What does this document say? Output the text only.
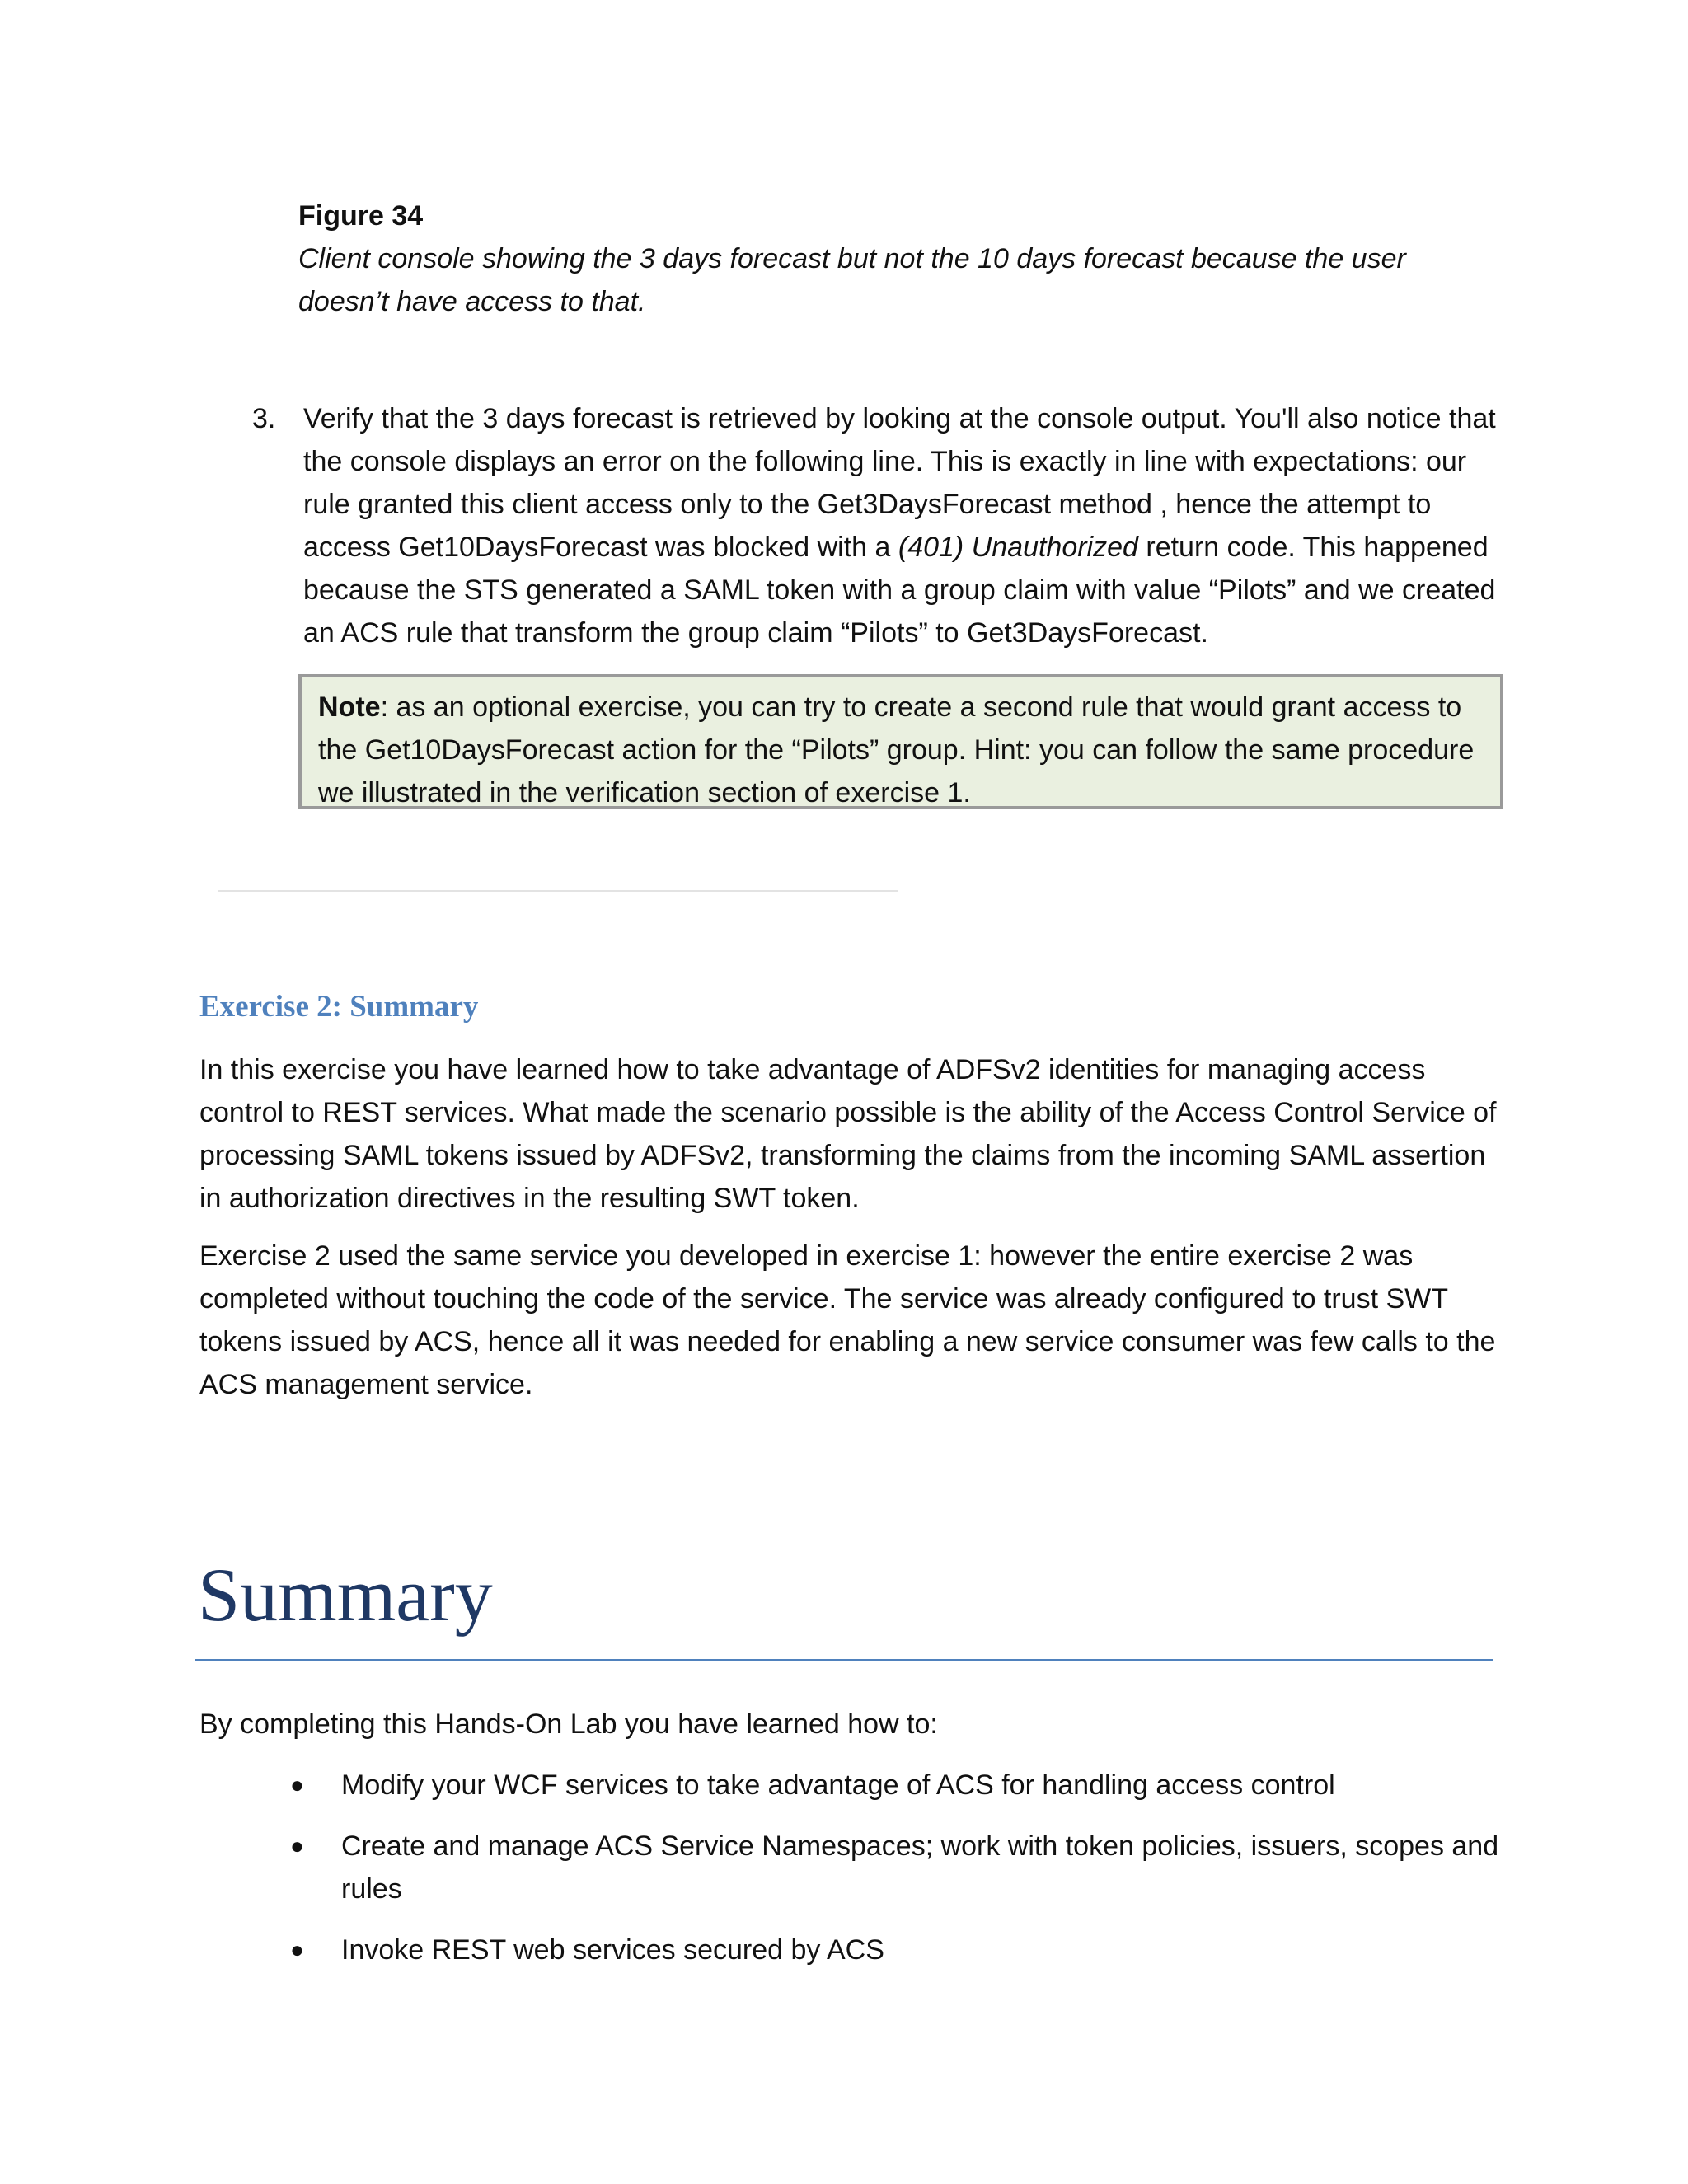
Figure 34
Client console showing the 3 days forecast but not the 10 days forecast because the user doesn’t have access to that.
3. Verify that the 3 days forecast is retrieved by looking at the console output. You'll also notice that the console displays an error on the following line. This is exactly in line with expectations: our rule granted this client access only to the Get3DaysForecast method , hence the attempt to access Get10DaysForecast was blocked with a (401) Unauthorized return code. This happened because the STS generated a SAML token with a group claim with value “Pilots” and we created an ACS rule that transform the group claim “Pilots” to Get3DaysForecast.
Note: as an optional exercise, you can try to create a second rule that would grant access to the Get10DaysForecast action for the “Pilots” group. Hint: you can follow the same procedure we illustrated in the verification section of exercise 1.
Exercise 2: Summary
In this exercise you have learned how to take advantage of ADFSv2 identities for managing access control to REST services. What made the scenario possible is the ability of the Access Control Service of processing SAML tokens issued by ADFSv2, transforming the claims from the incoming SAML assertion in authorization directives in the resulting SWT token.
Exercise 2 used the same service you developed in exercise 1: however the entire exercise 2 was completed without touching the code of the service. The service was already configured to trust SWT tokens issued by ACS, hence all it was needed for enabling a new service consumer was few calls to the ACS management service.
Summary
By completing this Hands-On Lab you have learned how to:
● Modify your WCF services to take advantage of ACS for handling access control
● Create and manage ACS Service Namespaces; work with token policies, issuers, scopes and rules
● Invoke REST web services secured by ACS
